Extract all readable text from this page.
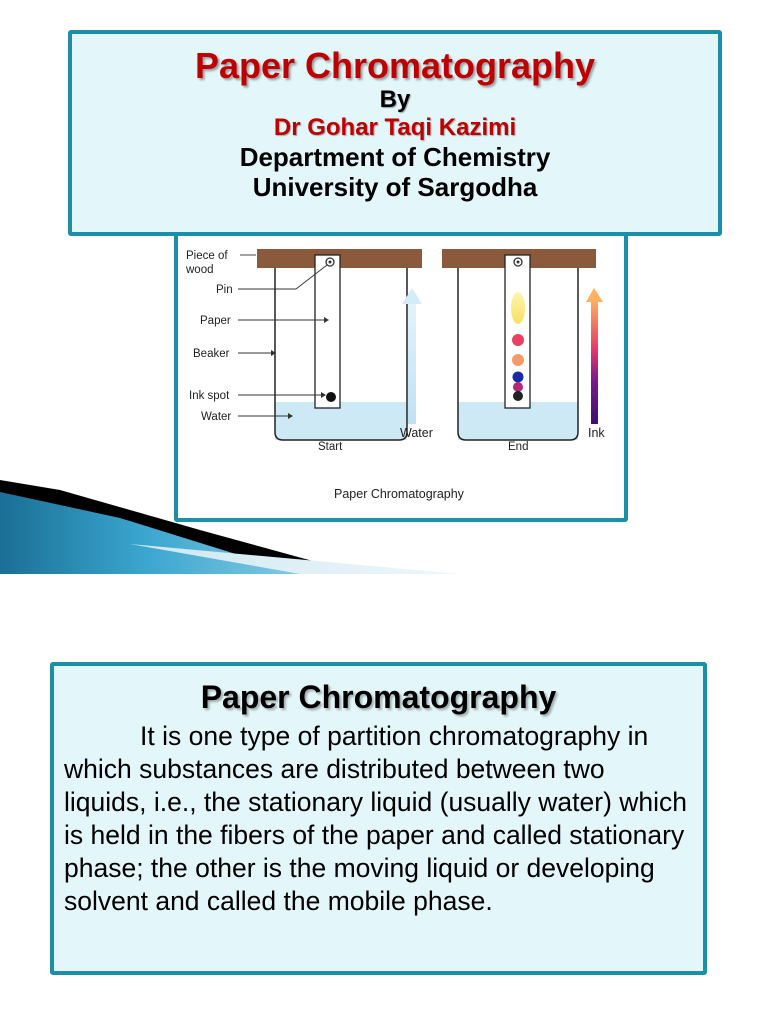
Paper Chromatography
By
Dr Gohar Taqi Kazimi
Department of Chemistry
University of Sargodha
Piece of
wood
Pin
Paper
Beaker
Ink spot
Water
Water
Start	End
Ink
Paper Chromatography
Paper Chromatography
It is one type of partition chromatography in which substances are distributed between two liquids, i.e., the stationary liquid (usually water) which is held in the fibers of the paper and called stationary phase; the other is the moving liquid or developing solvent and called the mobile phase.
